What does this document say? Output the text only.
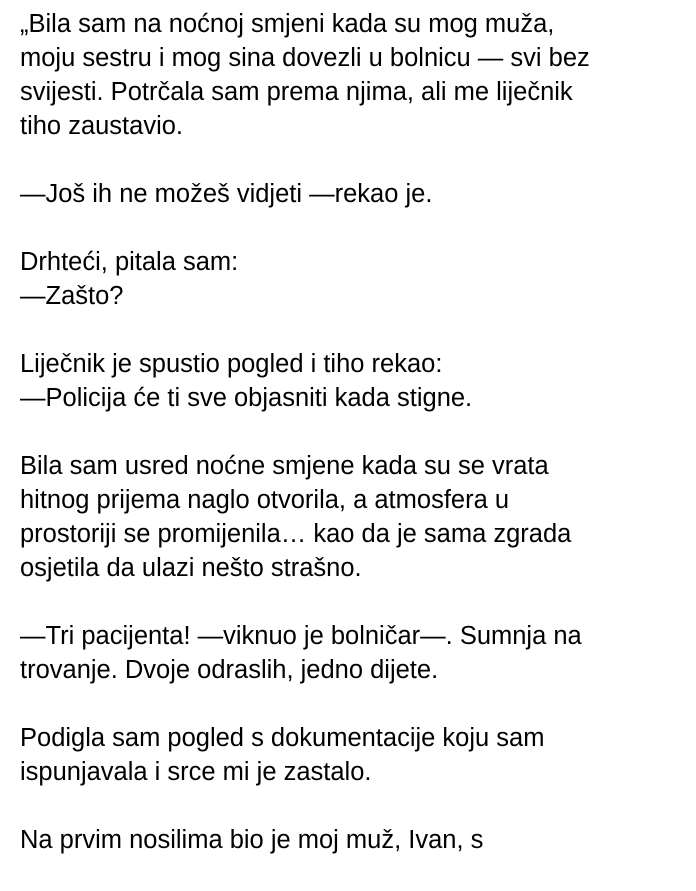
„Bila sam na noćnoj smjeni kada su mog muža,
moju sestru i mog sina dovezli u bolnicu — svi bez
svijesti. Potrčala sam prema njima, ali me liječnik
tiho zaustavio.

—Još ih ne možeš vidjeti —rekao je.

Drhteći, pitala sam:
—Zašto?

Liječnik je spustio pogled i tiho rekao:
—Policija će ti sve objasniti kada stigne.

Bila sam usred noćne smjene kada su se vrata
hitnog prijema naglo otvorila, a atmosfera u
prostoriji se promijenila… kao da je sama zgrada
osjetila da ulazi nešto strašno.

—Tri pacijenta! —viknuo je bolničar—. Sumnja na
trovanje. Dvoje odraslih, jedno dijete.

Podigla sam pogled s dokumentacije koju sam
ispunjavala i srce mi je zastalo.

Na prvim nosilima bio je moj muž, Ivan, s
